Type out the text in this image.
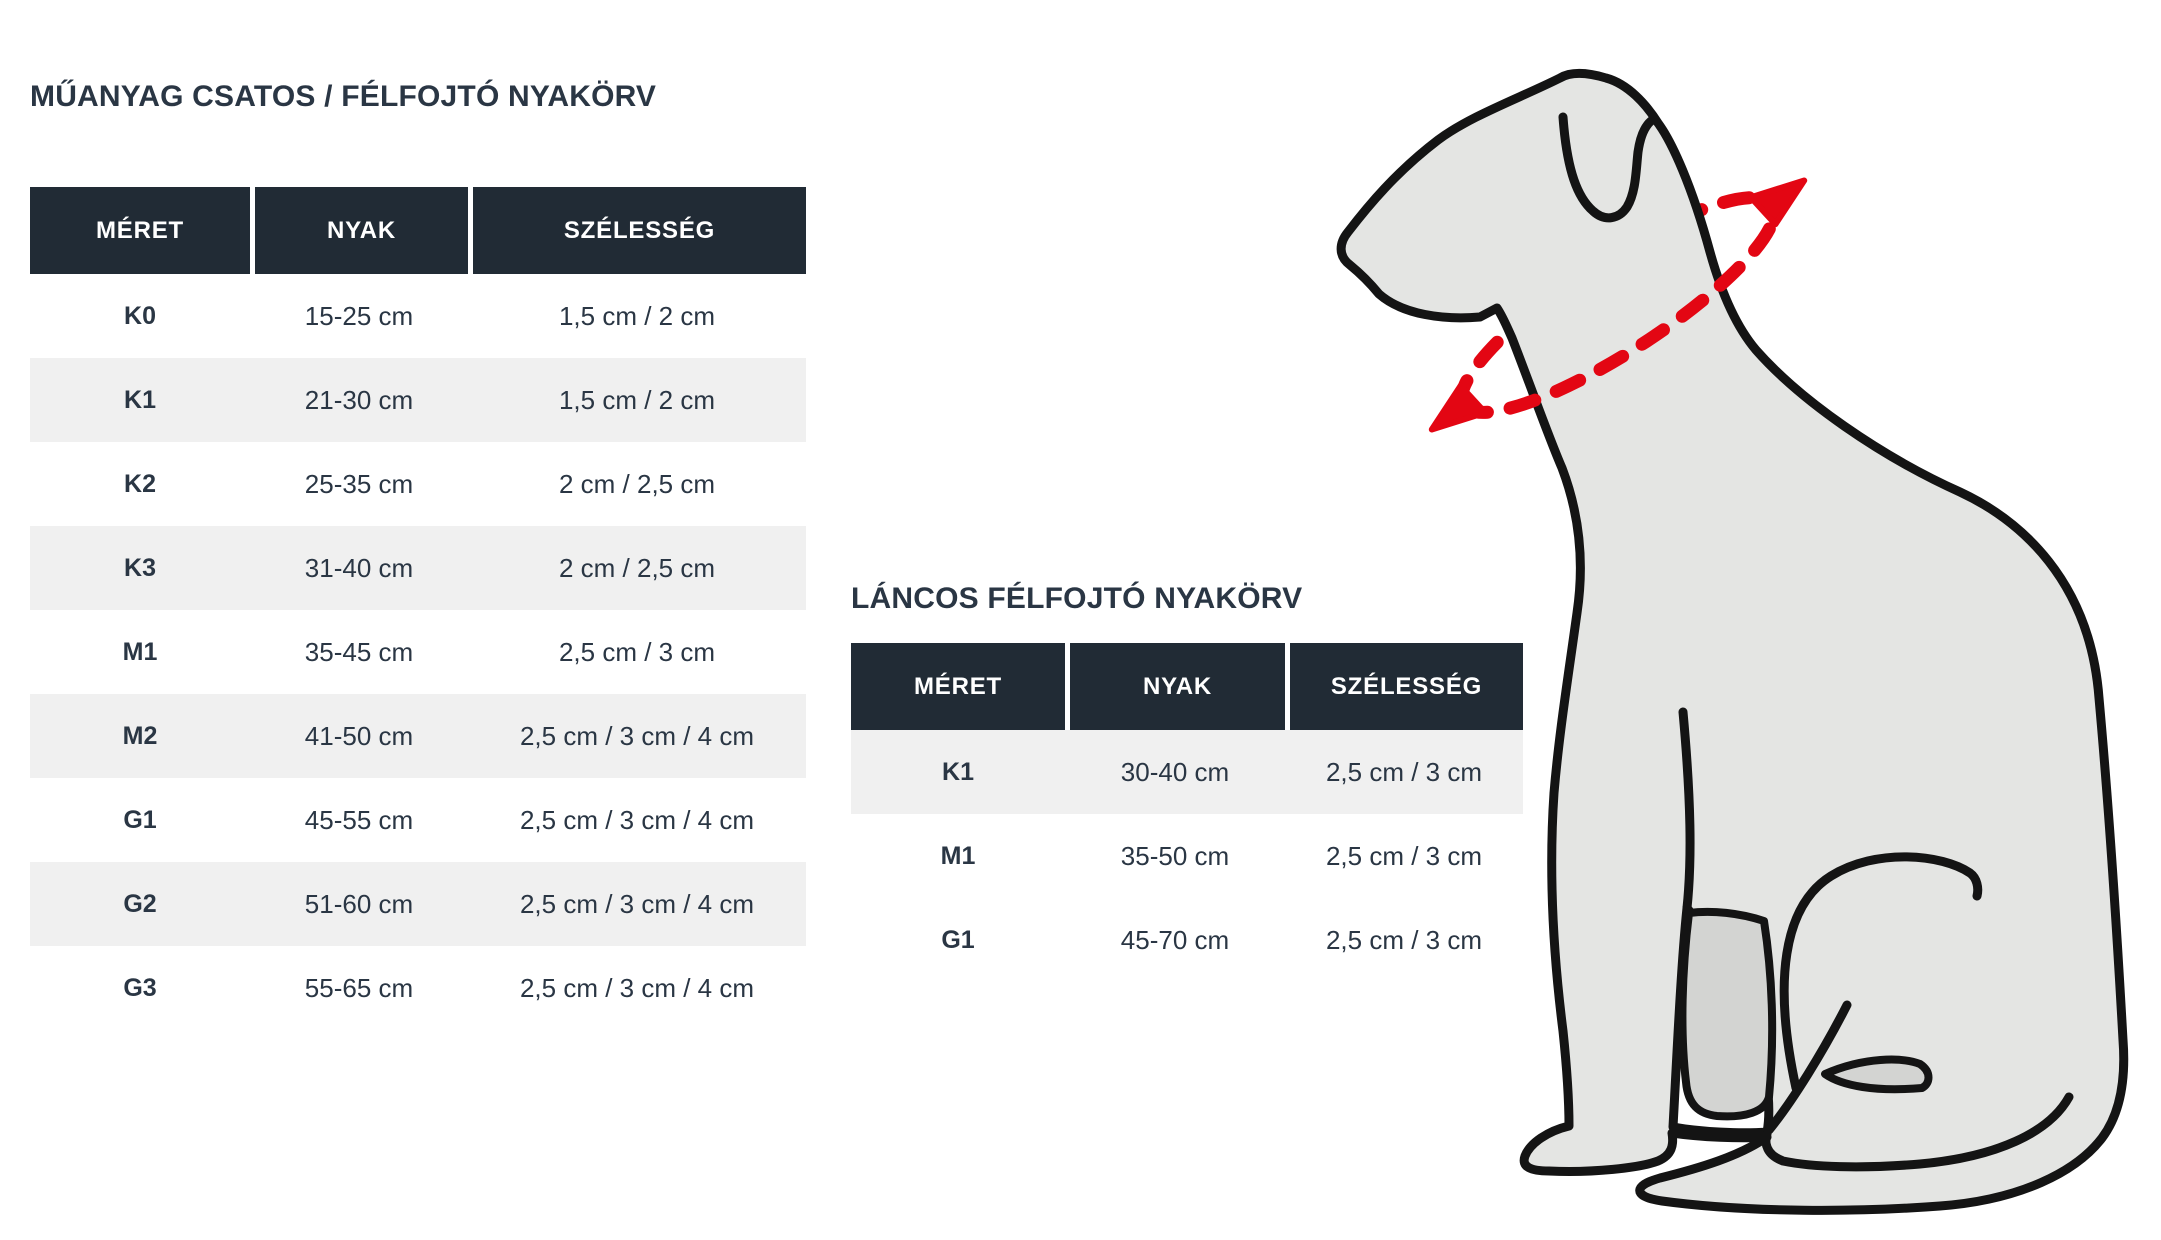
MŰANYAG CSATOS / FÉLFOJTÓ NYAKÖRV
MÉRET	NYAK	SZÉLESSÉG
K0	15-25 cm	1,5 cm / 2 cm
K1	21-30 cm	1,5 cm / 2 cm
K2	25-35 cm	2 cm / 2,5 cm
K3	31-40 cm	2 cm / 2,5 cm
M1	35-45 cm	2,5 cm / 3 cm
M2	41-50 cm	2,5 cm / 3 cm / 4 cm
G1	45-55 cm	2,5 cm / 3 cm / 4 cm
G2	51-60 cm	2,5 cm / 3 cm / 4 cm
G3	55-65 cm	2,5 cm / 3 cm / 4 cm
LÁNCOS FÉLFOJTÓ NYAKÖRV
MÉRET	NYAK	SZÉLESSÉG
K1	30-40 cm	2,5 cm / 3 cm
M1	35-50 cm	2,5 cm / 3 cm
G1	45-70 cm	2,5 cm / 3 cm
